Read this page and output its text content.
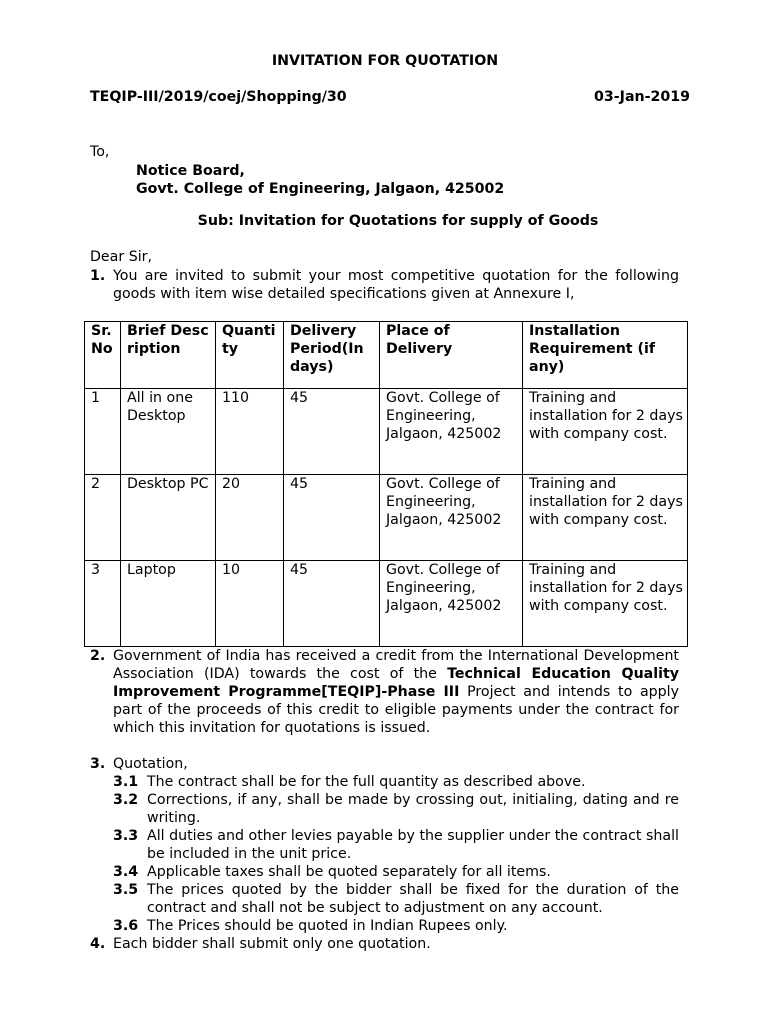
INVITATION FOR QUOTATION
TEQIP-III/2019/coej/Shopping/30	03-Jan-2019
To,
Notice Board,
Govt. College of Engineering, Jalgaon, 425002
Sub: Invitation for Quotations for supply of Goods
Dear Sir,
1. You are invited to submit your most competitive quotation for the following goods with item wise detailed specifications given at Annexure I,
Sr. No	Brief Description	Quantity	Delivery Period(In days)	Place of Delivery	Installation Requirement (if any)
1	All in one Desktop	110	45	Govt. College of Engineering, Jalgaon, 425002	Training and installation for 2 days with company cost.
2	Desktop PC	20	45	Govt. College of Engineering, Jalgaon, 425002	Training and installation for 2 days with company cost.
3	Laptop	10	45	Govt. College of Engineering, Jalgaon, 425002	Training and installation for 2 days with company cost.
2. Government of India has received a credit from the International Development Association (IDA) towards the cost of the Technical Education Quality Improvement Programme[TEQIP]-Phase III Project and intends to apply part of the proceeds of this credit to eligible payments under the contract for which this invitation for quotations is issued.
3. Quotation,
3.1 The contract shall be for the full quantity as described above.
3.2 Corrections, if any, shall be made by crossing out, initialing, dating and re writing.
3.3 All duties and other levies payable by the supplier under the contract shall be included in the unit price.
3.4 Applicable taxes shall be quoted separately for all items.
3.5 The prices quoted by the bidder shall be fixed for the duration of the contract and shall not be subject to adjustment on any account.
3.6 The Prices should be quoted in Indian Rupees only.
4. Each bidder shall submit only one quotation.
